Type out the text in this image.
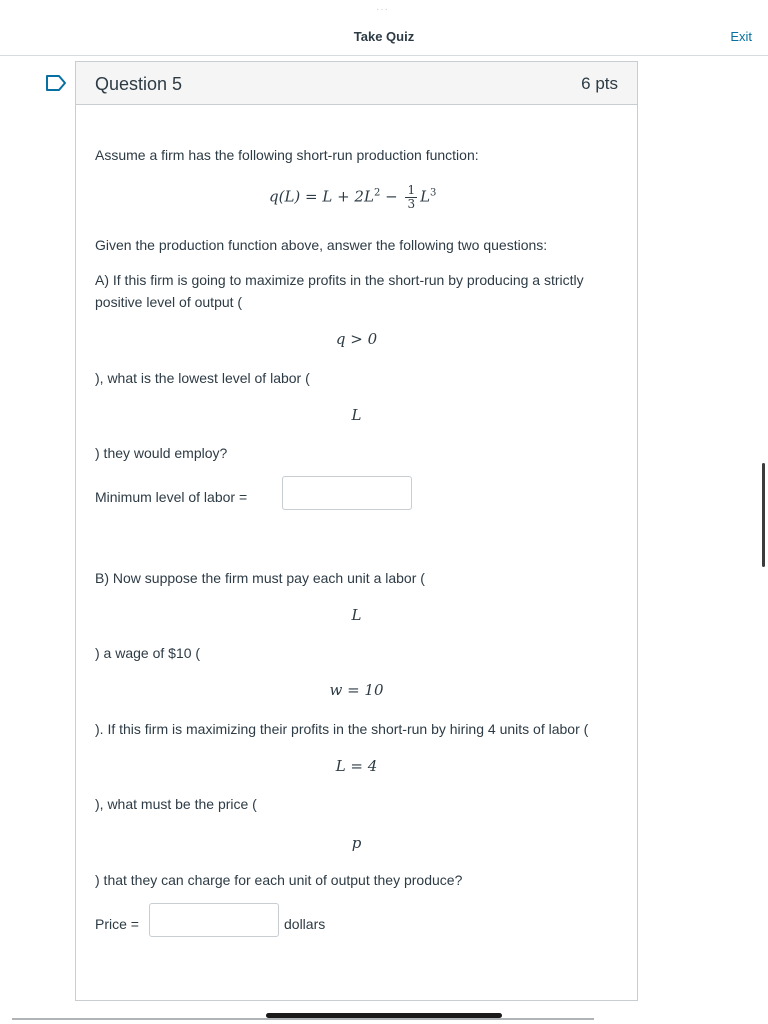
···
Take Quiz	Exit
Question 5	6 pts
Assume a firm has the following short-run production function:
$q(L) = L + 2L^2 - \frac{1}{3} L^3$
Given the production function above, answer the following two questions:
A) If this firm is going to maximize profits in the short-run by producing a strictly
positive level of output (
q > 0
), what is the lowest level of labor (
L
) they would employ?
Minimum level of labor =
B) Now suppose the firm must pay each unit a labor (
L
) a wage of $10 (
w = 10
). If this firm is maximizing their profits in the short-run by hiring 4 units of labor (
L = 4
), what must be the price (
p
) that they can charge for each unit of output they produce?
Price =	dollars
